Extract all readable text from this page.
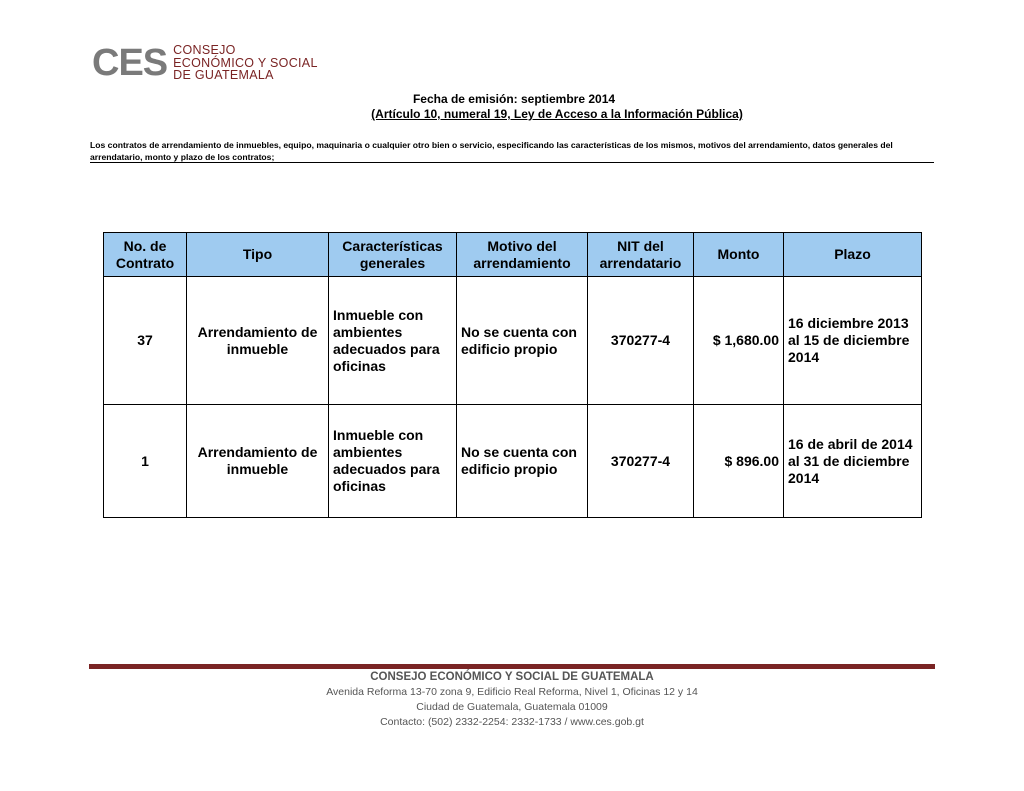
CES CONSEJO
ECONÓMICO Y SOCIAL
DE GUATEMALA
Fecha de emisión: septiembre 2014
(Artículo 10, numeral 19, Ley de Acceso a la Información Pública)
Los contratos de arrendamiento de inmuebles, equipo, maquinaria o cualquier otro bien o servicio, especificando las características de los mismos, motivos del arrendamiento, datos generales del arrendatario, monto y plazo de los contratos;
No. de Contrato	Tipo	Características generales	Motivo del arrendamiento	NIT del arrendatario	Monto	Plazo
37	Arrendamiento de inmueble	Inmueble con ambientes adecuados para oficinas	No se cuenta con edificio propio	370277-4	$ 1,680.00	16 diciembre 2013 al 15 de diciembre 2014
1	Arrendamiento de inmueble	Inmueble con ambientes adecuados para oficinas	No se cuenta con edificio propio	370277-4	$ 896.00	16 de abril de 2014 al 31 de diciembre 2014
CONSEJO ECONÓMICO Y SOCIAL DE GUATEMALA
Avenida Reforma 13-70 zona 9, Edificio Real Reforma, Nivel 1, Oficinas 12 y 14
Ciudad de Guatemala, Guatemala 01009
Contacto: (502) 2332-2254: 2332-1733 / www.ces.gob.gt
